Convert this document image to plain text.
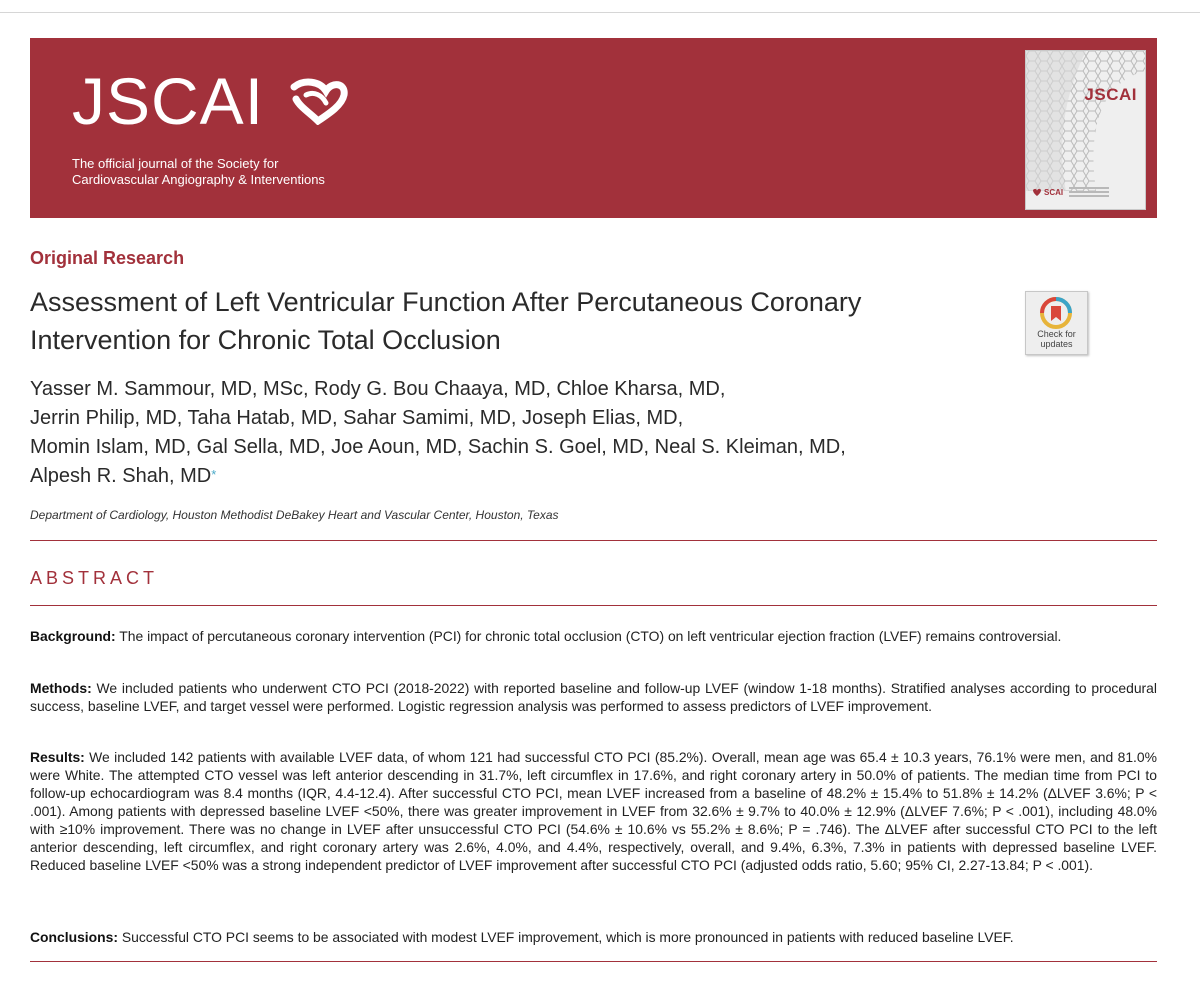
JSCAI
The official journal of the Society for
Cardiovascular Angiography & Interventions
JSCAI
SCAI
Original Research
Assessment of Left Ventricular Function After Percutaneous Coronary Intervention for Chronic Total Occlusion	Check for
updates
Yasser M. Sammour, MD, MSc, Rody G. Bou Chaaya, MD, Chloe Kharsa, MD,
Jerrin Philip, MD, Taha Hatab, MD, Sahar Samimi, MD, Joseph Elias, MD,
Momin Islam, MD, Gal Sella, MD, Joe Aoun, MD, Sachin S. Goel, MD, Neal S. Kleiman, MD,
Alpesh R. Shah, MD*
Department of Cardiology, Houston Methodist DeBakey Heart and Vascular Center, Houston, Texas
ABSTRACT

Background: The impact of percutaneous coronary intervention (PCI) for chronic total occlusion (CTO) on left ventricular ejection fraction (LVEF) remains controversial.

Methods: We included patients who underwent CTO PCI (2018-2022) with reported baseline and follow-up LVEF (window 1-18 months). Stratified analyses according to procedural success, baseline LVEF, and target vessel were performed. Logistic regression analysis was performed to assess predictors of LVEF improvement.

Results: We included 142 patients with available LVEF data, of whom 121 had successful CTO PCI (85.2%). Overall, mean age was 65.4 ± 10.3 years, 76.1% were men, and 81.0% were White. The attempted CTO vessel was left anterior descending in 31.7%, left circumflex in 17.6%, and right coronary artery in 50.0% of patients. The median time from PCI to follow-up echocardiogram was 8.4 months (IQR, 4.4-12.4). After successful CTO PCI, mean LVEF increased from a baseline of 48.2% ± 15.4% to 51.8% ± 14.2% (ΔLVEF 3.6%; P < .001). Among patients with depressed baseline LVEF <50%, there was greater improvement in LVEF from 32.6% ± 9.7% to 40.0% ± 12.9% (ΔLVEF 7.6%; P < .001), including 48.0% with ≥10% improvement. There was no change in LVEF after unsuccessful CTO PCI (54.6% ± 10.6% vs 55.2% ± 8.6%; P = .746). The ΔLVEF after successful CTO PCI to the left anterior descending, left circumflex, and right coronary artery was 2.6%, 4.0%, and 4.4%, respectively, overall, and 9.4%, 6.3%, 7.3% in patients with depressed baseline LVEF. Reduced baseline LVEF <50% was a strong independent predictor of LVEF improvement after successful CTO PCI (adjusted odds ratio, 5.60; 95% CI, 2.27-13.84; P < .001).

Conclusions: Successful CTO PCI seems to be associated with modest LVEF improvement, which is more pronounced in patients with reduced baseline LVEF.
